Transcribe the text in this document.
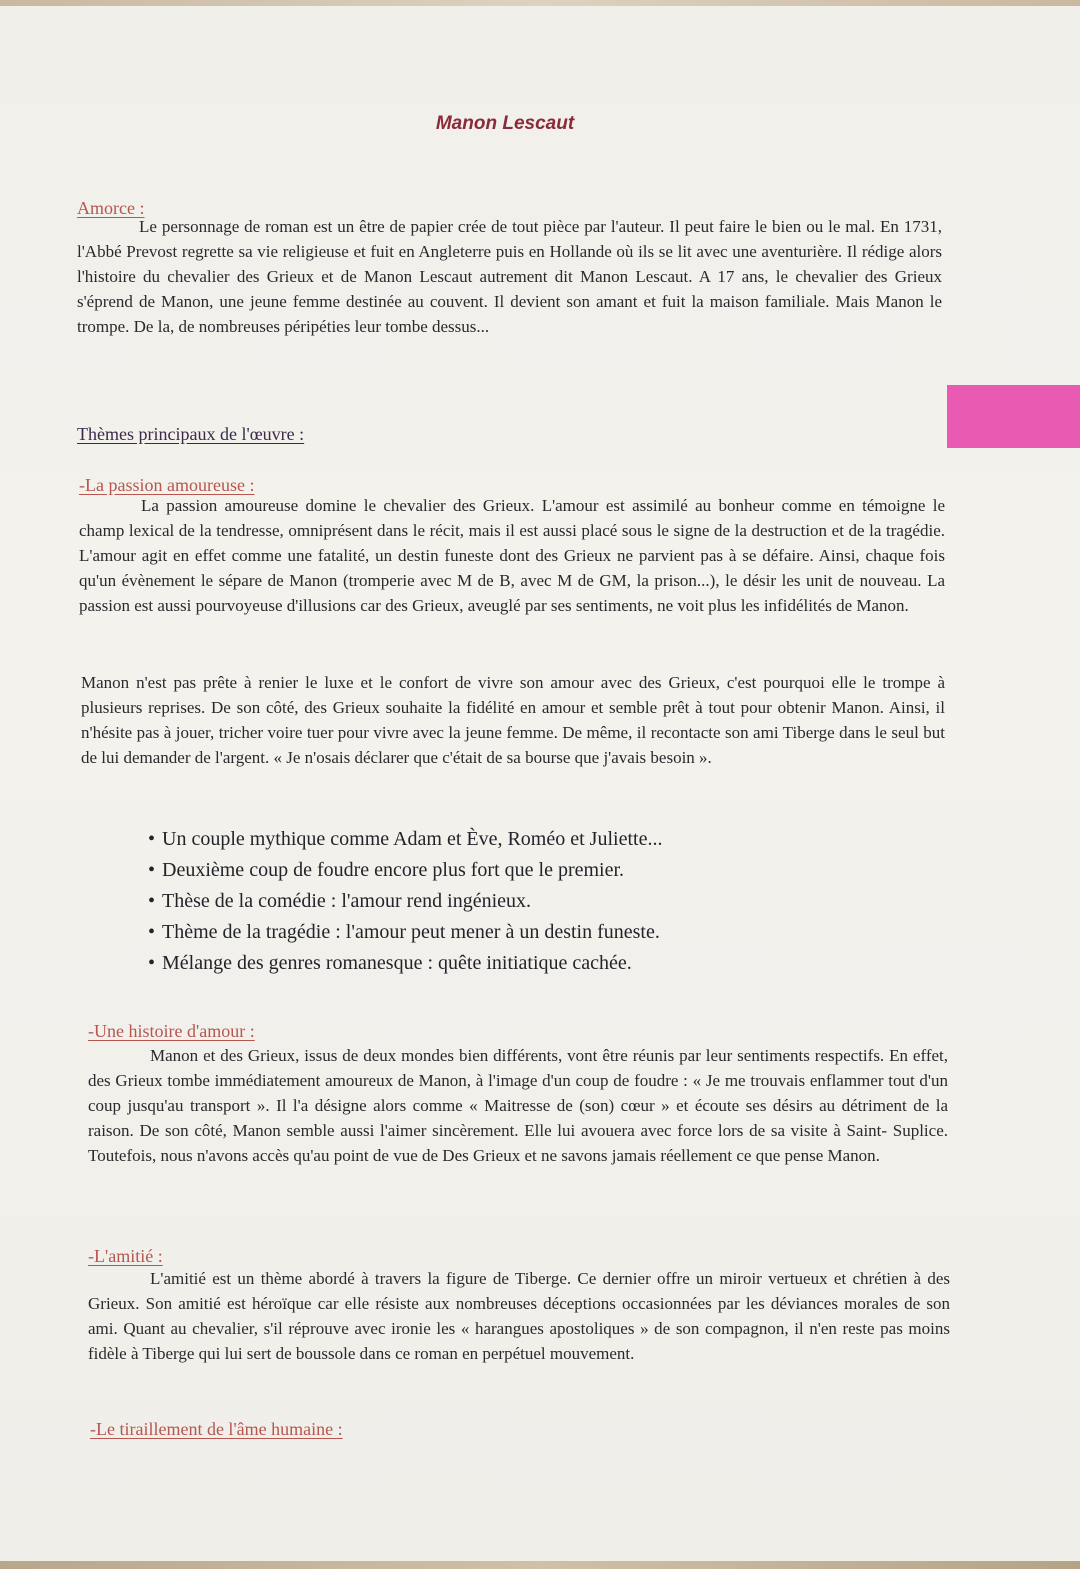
Manon Lescaut
Amorce :

Le personnage de roman est un être de papier crée de tout pièce par l'auteur. Il peut faire le bien ou le mal. En 1731, l'Abbé Prevost regrette sa vie religieuse et fuit en Angleterre puis en Hollande où ils se lit avec une aventurière. Il rédige alors l'histoire du chevalier des Grieux et de Manon Lescaut autrement dit Manon Lescaut. A 17 ans, le chevalier des Grieux s'éprend de Manon, une jeune femme destinée au couvent. Il devient son amant et fuit la maison familiale. Mais Manon le trompe. De la, de nombreuses péripéties leur tombe dessus...

Thèmes principaux de l'œuvre :
-La passion amoureuse :

La passion amoureuse domine le chevalier des Grieux. L'amour est assimilé au bonheur comme en témoigne le champ lexical de la tendresse, omniprésent dans le récit, mais il est aussi placé sous le signe de la destruction et de la tragédie. L'amour agit en effet comme une fatalité, un destin funeste dont des Grieux ne parvient pas à se défaire. Ainsi, chaque fois qu'un évènement le sépare de Manon (tromperie avec M de B, avec M de GM, la prison...), le désir les unit de nouveau. La passion est aussi pourvoyeuse d'illusions car des Grieux, aveuglé par ses sentiments, ne voit plus les infidélités de Manon.

Manon n'est pas prête à renier le luxe et le confort de vivre son amour avec des Grieux, c'est pourquoi elle le trompe à plusieurs reprises. De son côté, des Grieux souhaite la fidélité en amour et semble prêt à tout pour obtenir Manon. Ainsi, il n'hésite pas à jouer, tricher voire tuer pour vivre avec la jeune femme. De même, il recontacte son ami Tiberge dans le seul but de lui demander de l'argent. « Je n'osais déclarer que c'était de sa bourse que j'avais besoin ».

• Un couple mythique comme Adam et Ève, Roméo et Juliette...
• Deuxième coup de foudre encore plus fort que le premier.
• Thèse de la comédie : l'amour rend ingénieux.
• Thème de la tragédie : l'amour peut mener à un destin funeste.
• Mélange des genres romanesque : quête initiatique cachée.
-Une histoire d'amour :

Manon et des Grieux, issus de deux mondes bien différents, vont être réunis par leur sentiments respectifs. En effet, des Grieux tombe immédiatement amoureux de Manon, à l'image d'un coup de foudre : « Je me trouvais enflammer tout d'un coup jusqu'au transport ». Il l'a désigne alors comme « Maitresse de (son) cœur » et écoute ses désirs au détriment de la raison. De son côté, Manon semble aussi l'aimer sincèrement. Elle lui avouera avec force lors de sa visite à Saint- Suplice. Toutefois, nous n'avons accès qu'au point de vue de Des Grieux et ne savons jamais réellement ce que pense Manon.

-L'amitié :

L'amitié est un thème abordé à travers la figure de Tiberge. Ce dernier offre un miroir vertueux et chrétien à des Grieux. Son amitié est héroïque car elle résiste aux nombreuses déceptions occasionnées par les déviances morales de son ami. Quant au chevalier, s'il réprouve avec ironie les « harangues apostoliques » de son compagnon, il n'en reste pas moins fidèle à Tiberge qui lui sert de boussole dans ce roman en perpétuel mouvement.

-Le tiraillement de l'âme humaine :
